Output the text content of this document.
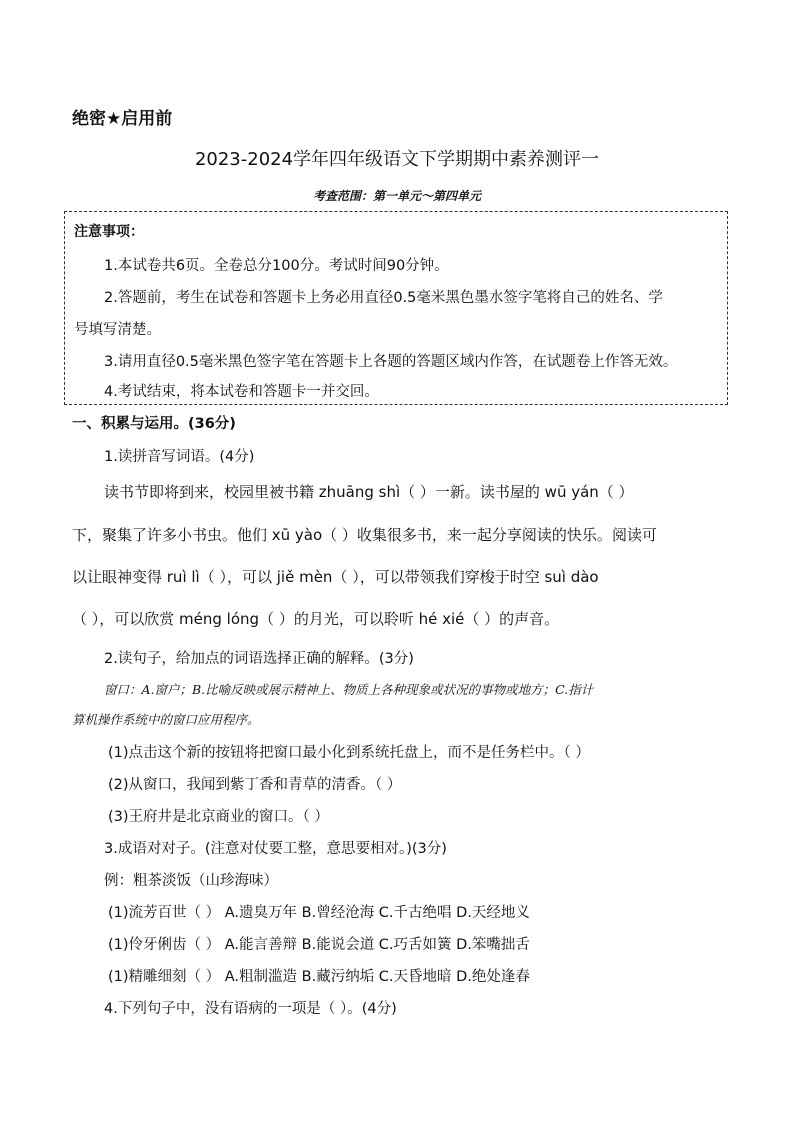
绝密★启用前
2023-2024学年四年级语文下学期期中素养测评一
考查范围：第一单元～第四单元
注意事项：
1.本试卷共6页。全卷总分100分。考试时间90分钟。
2.答题前，考生在试卷和答题卡上务必用直径0.5毫米黑色墨水签字笔将自己的姓名、学
号填写清楚。
3.请用直径0.5毫米黑色签字笔在答题卡上各题的答题区域内作答，在试题卷上作答无效。
4.考试结束，将本试卷和答题卡一并交回。
一、积累与运用。(36分)
1.读拼音写词语。(4分)
读书节即将到来，校园里被书籍 zhuāng shì（ ）一新。读书屋的 wū yán（ ）
下，聚集了许多小书虫。他们 xū yào（ ）收集很多书，来一起分享阅读的快乐。阅读可
以让眼神变得 ruì lì（ ），可以 jiě mèn（ ），可以带领我们穿梭于时空 suì dào
（ ），可以欣赏 méng lóng（ ）的月光，可以聆听 hé xié（ ）的声音。
2.读句子，给加点的词语选择正确的解释。(3分)
窗口：A.窗户；B.比喻反映或展示精神上、物质上各种现象或状况的事物或地方；C.指计
算机操作系统中的窗口应用程序。
(1)点击这个新的按钮将把窗口最小化到系统托盘上，而不是任务栏中。（ ）
(2)从窗口，我闻到紫丁香和青草的清香。（ ）
(3)王府井是北京商业的窗口。（ ）
3.成语对对子。(注意对仗要工整，意思要相对。)(3分)
例：粗茶淡饭（山珍海味）
(1)流芳百世（ ） A.遗臭万年 B.曾经沧海 C.千古绝唱 D.天经地义
(1)伶牙俐齿（ ） A.能言善辩 B.能说会道 C.巧舌如簧 D.笨嘴拙舌
(1)精雕细刻（ ） A.粗制滥造 B.藏污纳垢 C.天昏地暗 D.绝处逢春
4.下列句子中，没有语病的一项是（ ）。(4分)
